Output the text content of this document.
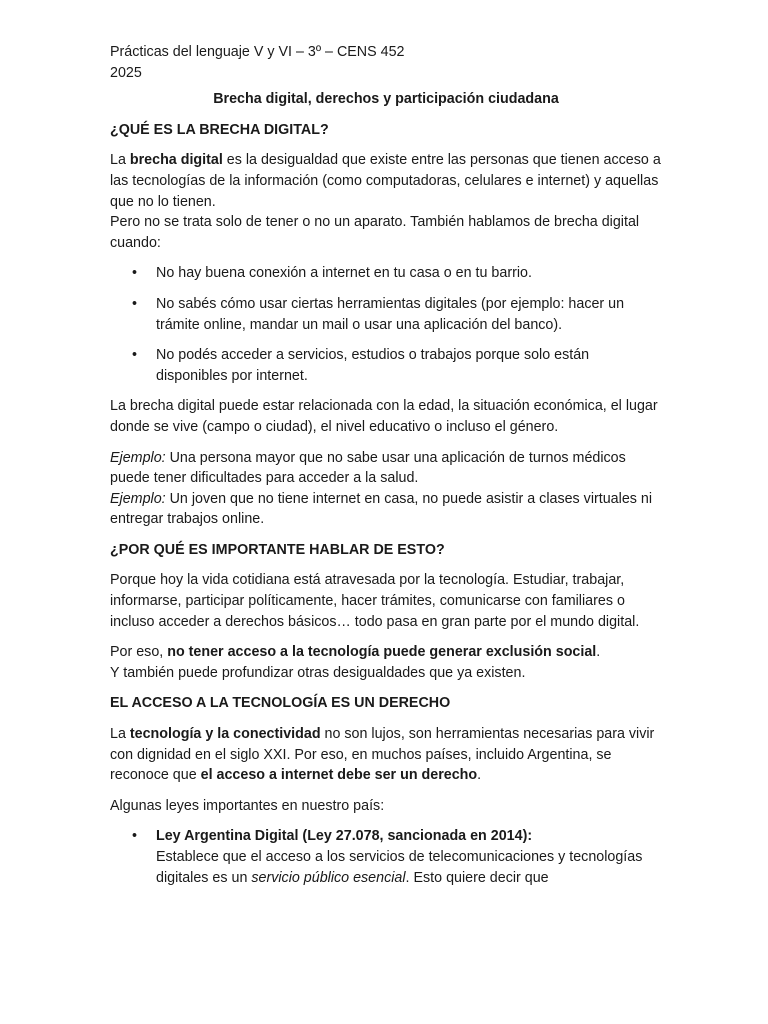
Prácticas del lenguaje V y VI – 3º – CENS 452
2025
Brecha digital, derechos y participación ciudadana
¿QUÉ ES LA BRECHA DIGITAL?

La brecha digital es la desigualdad que existe entre las personas que tienen acceso a las tecnologías de la información (como computadoras, celulares e internet) y aquellas que no lo tienen.

Pero no se trata solo de tener o no un aparato. También hablamos de brecha digital cuando:

• No hay buena conexión a internet en tu casa o en tu barrio.
• No sabés cómo usar ciertas herramientas digitales (por ejemplo: hacer un trámite online, mandar un mail o usar una aplicación del banco).
• No podés acceder a servicios, estudios o trabajos porque solo están disponibles por internet.

La brecha digital puede estar relacionada con la edad, la situación económica, el lugar donde se vive (campo o ciudad), el nivel educativo o incluso el género.

Ejemplo: Una persona mayor que no sabe usar una aplicación de turnos médicos puede tener dificultades para acceder a la salud.

Ejemplo: Un joven que no tiene internet en casa, no puede asistir a clases virtuales ni entregar trabajos online.

¿POR QUÉ ES IMPORTANTE HABLAR DE ESTO?

Porque hoy la vida cotidiana está atravesada por la tecnología. Estudiar, trabajar, informarse, participar políticamente, hacer trámites, comunicarse con familiares o incluso acceder a derechos básicos… todo pasa en gran parte por el mundo digital.

Por eso, no tener acceso a la tecnología puede generar exclusión social.

Y también puede profundizar otras desigualdades que ya existen.

EL ACCESO A LA TECNOLOGÍA ES UN DERECHO

La tecnología y la conectividad no son lujos, son herramientas necesarias para vivir con dignidad en el siglo XXI. Por eso, en muchos países, incluido Argentina, se reconoce que el acceso a internet debe ser un derecho.

Algunas leyes importantes en nuestro país:

• Ley Argentina Digital (Ley 27.078, sancionada en 2014):
Establece que el acceso a los servicios de telecomunicaciones y tecnologías digitales es un servicio público esencial. Esto quiere decir que
